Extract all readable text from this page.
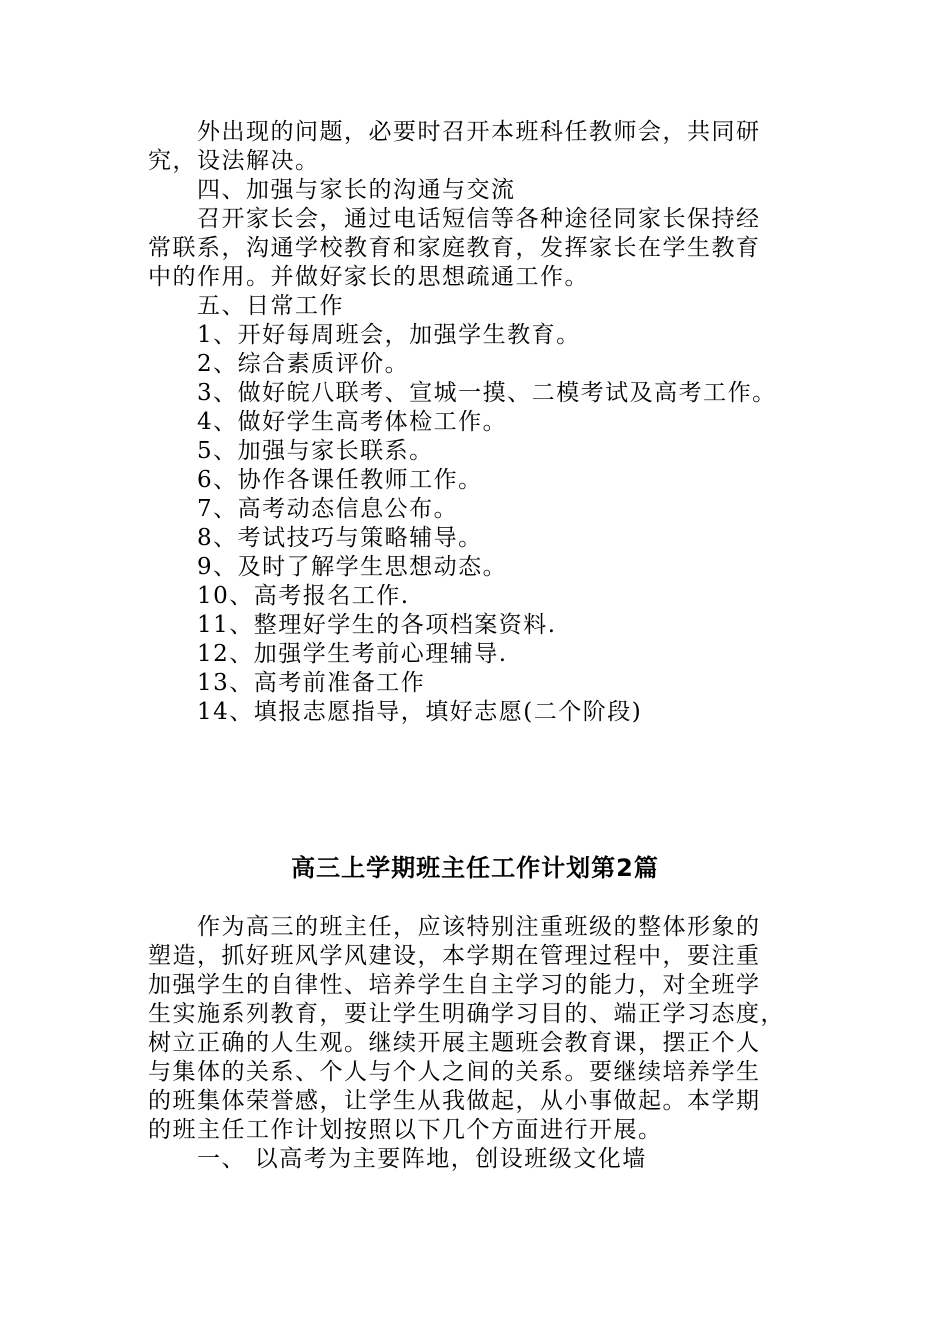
外出现的问题，必要时召开本班科任教师会，共同研
究，设法解决。
四、加强与家长的沟通与交流
召开家长会，通过电话短信等各种途径同家长保持经
常联系，沟通学校教育和家庭教育，发挥家长在学生教育
中的作用。并做好家长的思想疏通工作。
五、日常工作
1、开好每周班会，加强学生教育。
2、综合素质评价。
3、做好皖八联考、宣城一摸、二模考试及高考工作。
4、做好学生高考体检工作。
5、加强与家长联系。
6、协作各课任教师工作。
7、高考动态信息公布。
8、考试技巧与策略辅导。
9、及时了解学生思想动态。
10、高考报名工作.
11、整理好学生的各项档案资料.
12、加强学生考前心理辅导.
13、高考前准备工作
14、填报志愿指导，填好志愿(二个阶段)
高三上学期班主任工作计划第2篇
作为高三的班主任，应该特别注重班级的整体形象的
塑造，抓好班风学风建设，本学期在管理过程中，要注重
加强学生的自律性、培养学生自主学习的能力，对全班学
生实施系列教育，要让学生明确学习目的、端正学习态度，
树立正确的人生观。继续开展主题班会教育课，摆正个人
与集体的关系、个人与个人之间的关系。要继续培养学生
的班集体荣誉感，让学生从我做起，从小事做起。本学期
的班主任工作计划按照以下几个方面进行开展。
一、 以高考为主要阵地，创设班级文化墙
